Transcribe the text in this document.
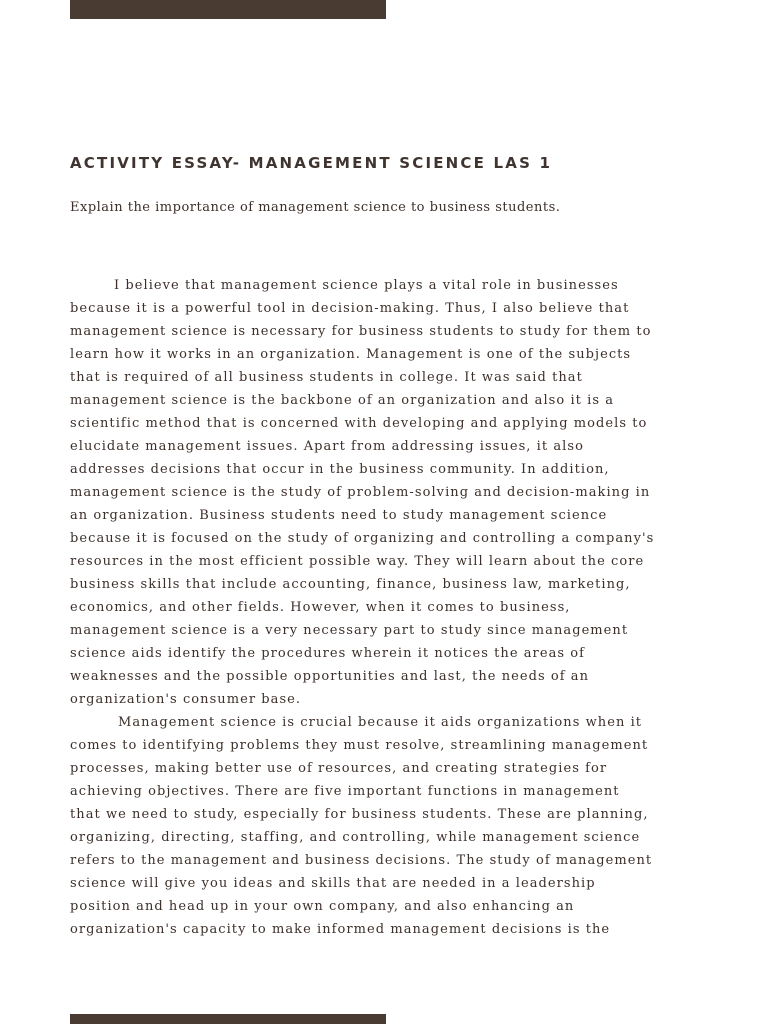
ACTIVITY ESSAY- MANAGEMENT SCIENCE LAS 1

Explain the importance of management science to business students.

I believe that management science plays a vital role in businesses
because it is a powerful tool in decision-making. Thus, I also believe that
management science is necessary for business students to study for them to
learn how it works in an organization. Management is one of the subjects
that is required of all business students in college. It was said that
management science is the backbone of an organization and also it is a
scientific method that is concerned with developing and applying models to
elucidate management issues. Apart from addressing issues, it also
addresses decisions that occur in the business community. In addition,
management science is the study of problem-solving and decision-making in
an organization. Business students need to study management science
because it is focused on the study of organizing and controlling a company's
resources in the most efficient possible way. They will learn about the core
business skills that include accounting, finance, business law, marketing,
economics, and other fields. However, when it comes to business,
management science is a very necessary part to study since management
science aids identify the procedures wherein it notices the areas of
weaknesses and the possible opportunities and last, the needs of an
organization's consumer base.
Management science is crucial because it aids organizations when it
comes to identifying problems they must resolve, streamlining management
processes, making better use of resources, and creating strategies for
achieving objectives. There are five important functions in management
that we need to study, especially for business students. These are planning,
organizing, directing, staffing, and controlling, while management science
refers to the management and business decisions. The study of management
science will give you ideas and skills that are needed in a leadership
position and head up in your own company, and also enhancing an
organization's capacity to make informed management decisions is the
